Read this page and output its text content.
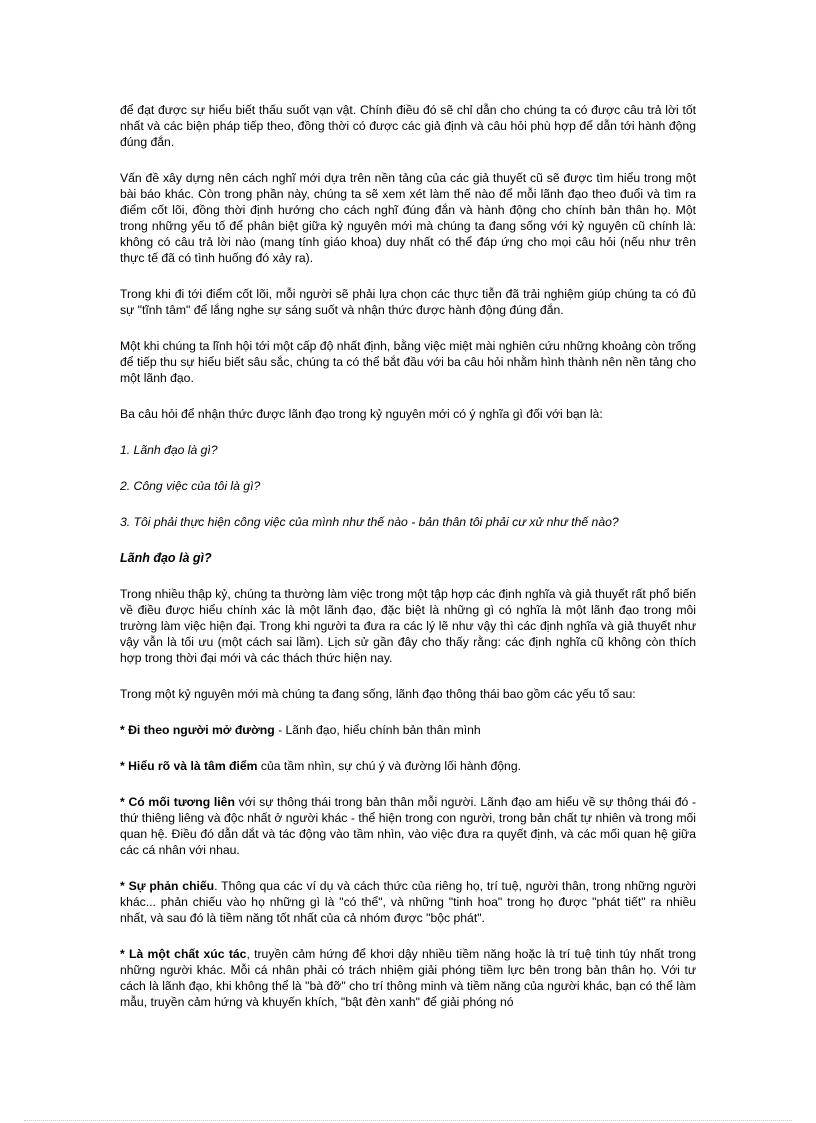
để đạt được sự hiểu biết thấu suốt vạn vật. Chính điều đó sẽ chỉ dẫn cho chúng ta có được câu trả lời tốt nhất và các biện pháp tiếp theo, đồng thời có được các giả định và câu hỏi phù hợp để dẫn tới hành động đúng đắn.

Vấn đề xây dựng nên cách nghĩ mới dựa trên nền tảng của các giả thuyết cũ sẽ được tìm hiểu trong một bài báo khác. Còn trong phần này, chúng ta sẽ xem xét làm thế nào để mỗi lãnh đạo theo đuổi và tìm ra điểm cốt lõi, đồng thời định hướng cho cách nghĩ đúng đắn và hành động cho chính bản thân họ. Một trong những yếu tố để phân biệt giữa kỷ nguyên mới mà chúng ta đang sống với kỷ nguyên cũ chính là: không có câu trả lời nào (mang tính giáo khoa) duy nhất có thể đáp ứng cho mọi câu hỏi (nếu như trên thực tế đã có tình huống đó xảy ra).

Trong khi đi tới điểm cốt lõi, mỗi người sẽ phải lựa chọn các thực tiễn đã trải nghiệm giúp chúng ta có đủ sự "tĩnh tâm" để lắng nghe sự sáng suốt và nhận thức được hành động đúng đắn.

Một khi chúng ta lĩnh hội tới một cấp độ nhất định, bằng việc miệt mài nghiên cứu những khoảng còn trống để tiếp thu sự hiểu biết sâu sắc, chúng ta có thể bắt đầu với ba câu hỏi nhằm hình thành nên nền tảng cho một lãnh đạo.

Ba câu hỏi để nhận thức được lãnh đạo trong kỷ nguyên mới có ý nghĩa gì đối với bạn là:

1. Lãnh đạo là gì?

2. Công việc của tôi là gì?

3. Tôi phải thực hiện công việc của mình như thế nào - bản thân tôi phải cư xử như thế nào?

Lãnh đạo là gì?

Trong nhiều thập kỷ, chúng ta thường làm việc trong một tập hợp các định nghĩa và giả thuyết rất phổ biến về điều được hiểu chính xác là một lãnh đạo, đặc biệt là những gì có nghĩa là một lãnh đạo trong môi trường làm việc hiện đại. Trong khi người ta đưa ra các lý lẽ như vậy thì các định nghĩa và giả thuyết như vậy vẫn là tối ưu (một cách sai lầm). Lịch sử gần đây cho thấy rằng: các định nghĩa cũ không còn thích hợp trong thời đại mới và các thách thức hiện nay.

Trong một kỷ nguyên mới mà chúng ta đang sống, lãnh đạo thông thái bao gồm các yếu tố sau:

* Đi theo người mở đường - Lãnh đạo, hiểu chính bản thân mình

* Hiểu rõ và là tâm điểm của tầm nhìn, sự chú ý và đường lối hành động.

* Có mối tương liên với sự thông thái trong bản thân mỗi người. Lãnh đạo am hiểu về sự thông thái đó - thứ thiêng liêng và độc nhất ở người khác - thể hiện trong con người, trong bản chất tự nhiên và trong mối quan hệ. Điều đó dẫn dắt và tác động vào tầm nhìn, vào việc đưa ra quyết định, và các mối quan hệ giữa các cá nhân với nhau.

* Sự phản chiếu. Thông qua các ví dụ và cách thức của riêng họ, trí tuệ, người thân, trong những người khác... phản chiếu vào họ những gì là "có thể", và những "tinh hoa" trong họ được "phát tiết" ra nhiều nhất, và sau đó là tiềm năng tốt nhất của cả nhóm được "bộc phát".

* Là một chất xúc tác, truyền cảm hứng để khơi dậy nhiều tiềm năng hoặc là trí tuệ tinh túy nhất trong những người khác. Mỗi cá nhân phải có trách nhiệm giải phóng tiềm lực bên trong bản thân họ. Với tư cách là lãnh đạo, khi không thể là "bà đỡ" cho trí thông minh và tiềm năng của người khác, bạn có thể làm mẫu, truyền cảm hứng và khuyến khích, "bật đèn xanh" để giải phóng nó
